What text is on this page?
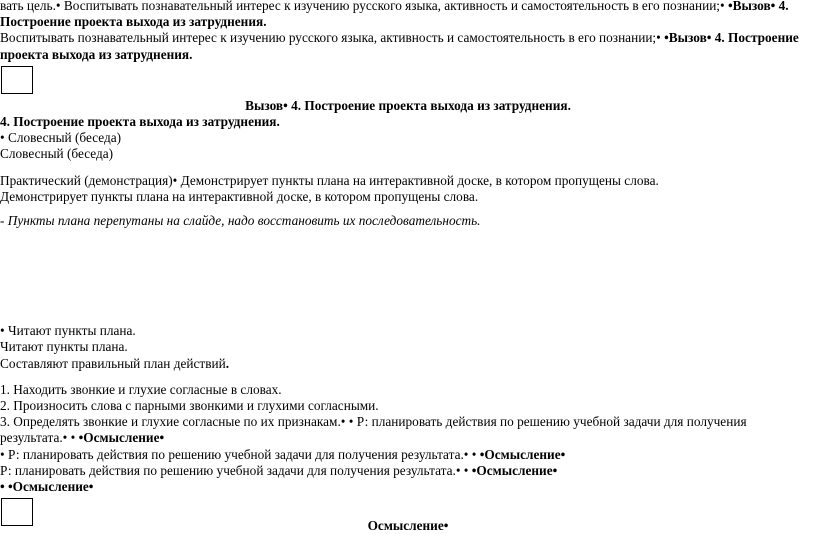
вать цель.• Воспитывать познавательный интерес к изучению русского языка, активность и самостоятельность в его познании;• •Вызов• 4.

Построение проекта выхода из затруднения.

Воспитывать познавательный интерес к изучению русского языка, активность и самостоятельность в его познании;• •Вызов• 4. Построение

проекта выхода из затруднения.

Вызов• 4. Построение проекта выхода из затруднения.

4. Построение проекта выхода из затруднения.

• Словесный (беседа)

Словесный (беседа)

Практический (демонстрация)• Демонстрирует пункты плана на интерактивной доске, в котором пропущены слова.

Демонстрирует пункты плана на интерактивной доске, в котором пропущены слова.

- Пункты плана перепутаны на слайде, надо восстановить их последовательность.

• Читают пункты плана.

Читают пункты плана.

Составляют правильный план действий.

1. Находить звонкие и глухие согласные в словах.

2. Произносить слова с парными звонкими и глухими согласными.

3. Определять звонкие и глухие согласные по их признакам.• • Р: планировать действия по решению учебной задачи для получения

результата.• • •Осмысление•

• Р: планировать действия по решению учебной задачи для получения результата.• • •Осмысление•

Р: планировать действия по решению учебной задачи для получения результата.• • •Осмысление•

• •Осмысление•

Осмысление•
